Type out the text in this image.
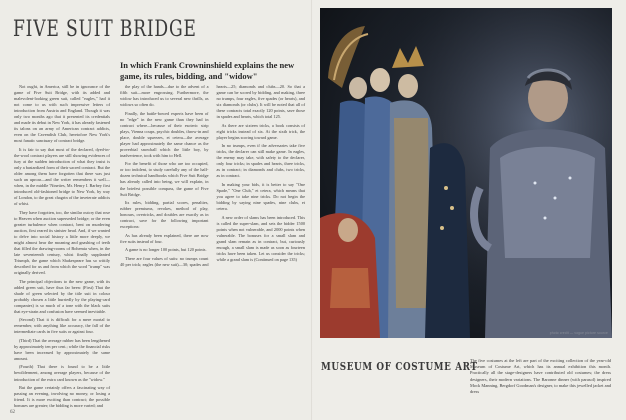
FIVE SUIT BRIDGE

In which Frank Crowninshield explains the new game, its rules, bidding, and "widow"

Not ought, in America, still be in ignorance of the game of Five Suit Bridge, with its added and malevolent-looking green suit, called "eagles," had it not come to us with such impressive letters of introduction from Austria and England. Though it was only two months ago that it presented its credentials and made its debut in New York, it has already fastened its talons on an army of American contract addicts, even on the Cavendish Club, heretofore New York's most fanatic sanctuary of contract bridge.

It is fair to say that most of the declared, dyed-in-the-wool contract players are still showing evidences of fury at the sudden introduction of what they insist is only a bastardized form of their sacred contract. But the older among them have forgotten that there was just such an uproar—and the writer remembers it well—when, in the middle 'Nineties, Mr. Henry I. Barbey first introduced old-fashioned bridge to New York, by way of London, to the great chagrin of the inveterate addicts of whist.

They have forgotten, too, the similar outcry that rose to Heaven when auction superseded bridge; or the even greater turbulence when contract, bent on murdering auction, first reared its sinister head. And, if we wanted to delve into social history a little more deeply, we might almost hear the moaning and gnashing of teeth that filled the drawing-rooms of Bohemia when, in the late seventeenth century, whist finally supplanted Triumph, the game which Shakespeare has so wittily described for us and from which the word "trump" was originally derived.

The principal objections to the new game, with its added green suit, have thus far been: (First) That the shade of green selected by the title suit in colour probably chosen a little hurriedly by the playing-card companies) is so much of a tone with the black suits that eye-strain and confusion have seemed inevitable.

(Second) That it is difficult for a mere mortal to remember, with anything like accuracy, the fall of the intermediate cards in five suits or against four.

(Third) That the average rubber has been lengthened by approximately ten per cent.; while the financial risks have been increased by approximately the same amount.

(Fourth) That there is found to be a little bewilderment, among average players, because of the introduction of the extra card known as the "widow."

But the game certainly offers a fascinating way of passing an evening, involving no money, or losing a friend. It is more exciting than contract; the possible bonuses are greater; the bidding is more varied; and

the play of the hands—due to the advent of a fifth suit—more engrossing. Furthermore, the widow has introduced us to several new thrills, as widows so often do.

Finally, the battle-bowed experts have been of no "edge" in the new game than they had in contract where—because of their esoteric strip plays, Vienna coups, psychic doubles, throw-in and place, double squeezes, et cetera—the average player had approximately the same chance as the proverbial snowball which the little boy, by inadvertence, took with him to Hell.

For the benefit of those who are too occupied, or too indolent, to study carefully any of the half-dozen technical handbooks which Five Suit Bridge has already called into being, we will explain, in the briefest possible compass, the game of Five Suit Bridge.

Its rules, bidding, partial scores, penalties, rubber premiums, revokes, method of play, honours, overtricks, and doubles are exactly as in contract, save for the following important exceptions:

As has already been explained, there are now five suits instead of four.

A game is no longer 100 points, but 120 points.

There are four values of suits: no trumps count 40 per trick; eagles (the new suit)—30; spades and hearts—25; diamonds and clubs—20. So that a game can be scored by bidding, and making, three no trumps, four eagles, five spades (or hearts), and six diamonds (or clubs). It will be noted that all of these contracts total exactly 120 points, save those in spades and hearts, which total 125.

As there are sixteen tricks, a book consists of eight tricks instead of six. At the sixth trick, the player begins scoring toward game.

In no trumps, even if the adversaries take five tricks, the declarer can still make game. In eagles, the enemy may take, with safety to the declarer, only four tricks; in spades and hearts, three tricks, as in contract; in diamonds and clubs, two tricks, as in contract.

In making your bids, it is better to say "One Spade," "One Club," et cetera, which means that you agree to take nine tricks. Do not begin the bidding by saying nine spades, nine clubs, et cetera.

A new order of slams has been introduced. This is called the super-slam, and sets the bidder 1500 points when not vulnerable, and 2000 points when vulnerable. The bonuses for a small slam and grand slam remain as in contract, but, curiously enough, a small slam is made as soon as fourteen tricks have been taken. Let us consider the tricks; while a grand slam is (Continued on page 135)

62
photo credit — vogue picture source
MUSEUM OF COSTUME ART
The five costumes at the left are part of the exciting collection of the year-old Museum of Costume Art, which has its annual exhibition this month. Practically all the stage-designers have contributed old costumes; the dress designers, their modern variations. The Baronne dinner (with parasol) inspired Mock Manning, Bergdorf Goodman's designer, to make this jewelled jacket and dress
